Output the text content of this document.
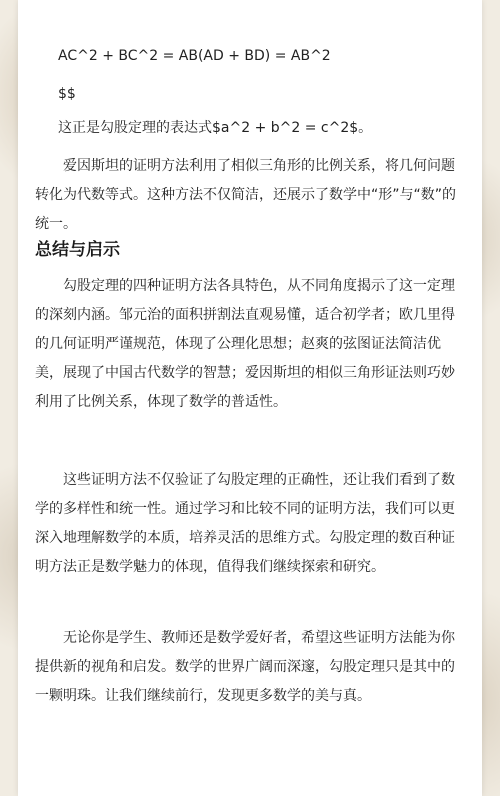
AC^2 + BC^2 = AB(AD + BD) = AB^2
$$
这正是勾股定理的表达式$a^2 + b^2 = c^2$。
爱因斯坦的证明方法利用了相似三角形的比例关系，将几何问题转化为代数等式。这种方法不仅简洁，还展示了数学中“形”与“数”的统一。
总结与启示
勾股定理的四种证明方法各具特色，从不同角度揭示了这一定理的深刻内涵。邹元治的面积拼割法直观易懂，适合初学者；欧几里得的几何证明严谨规范，体现了公理化思想；赵爽的弦图证法简洁优美，展现了中国古代数学的智慧；爱因斯坦的相似三角形证法则巧妙利用了比例关系，体现了数学的普适性。
这些证明方法不仅验证了勾股定理的正确性，还让我们看到了数学的多样性和统一性。通过学习和比较不同的证明方法，我们可以更深入地理解数学的本质，培养灵活的思维方式。勾股定理的数百种证明方法正是数学魅力的体现，值得我们继续探索和研究。
无论你是学生、教师还是数学爱好者，希望这些证明方法能为你提供新的视角和启发。数学的世界广阔而深邃，勾股定理只是其中的一颗明珠。让我们继续前行，发现更多数学的美与真。
